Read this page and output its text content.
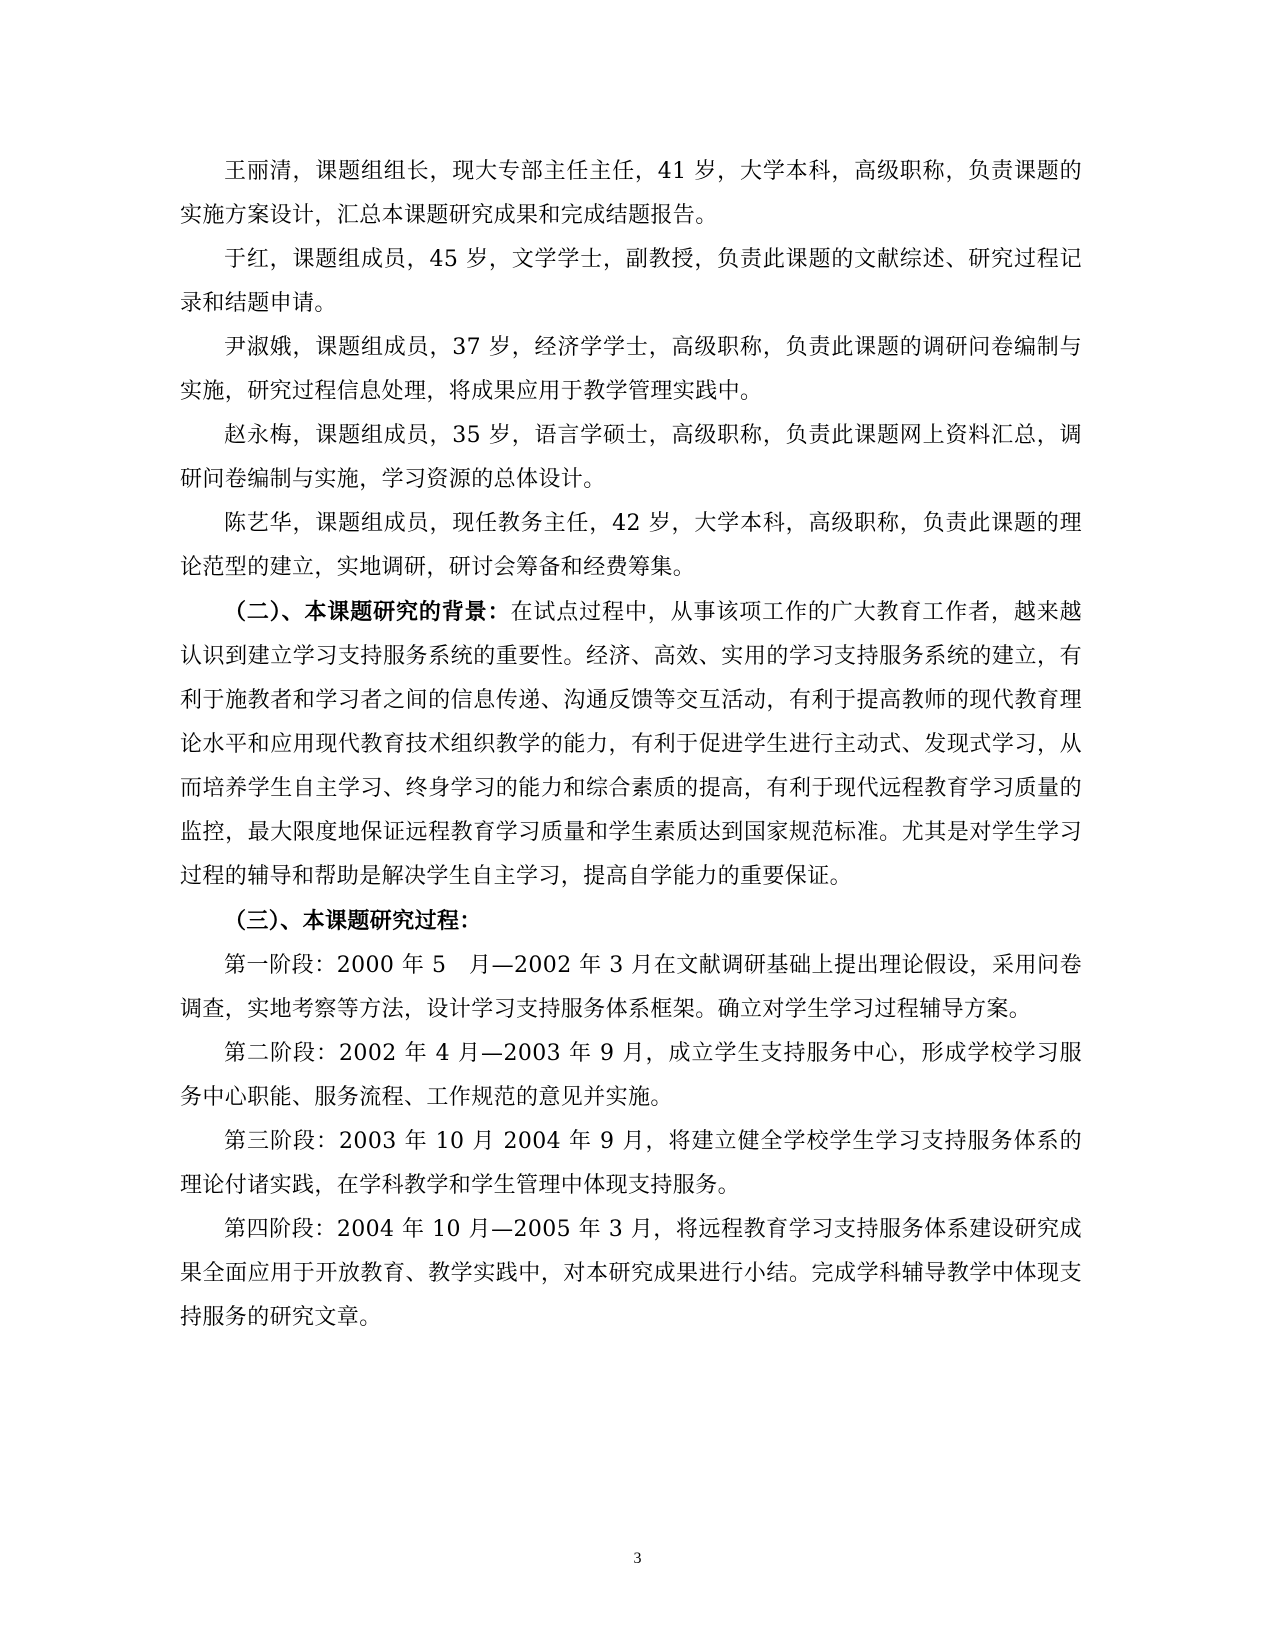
王丽清，课题组组长，现大专部主任主任，41 岁，大学本科，高级职称，负责课题的实施方案设计，汇总本课题研究成果和完成结题报告。

于红，课题组成员，45 岁，文学学士，副教授，负责此课题的文献综述、研究过程记录和结题申请。

尹淑娥，课题组成员，37 岁，经济学学士，高级职称，负责此课题的调研问卷编制与实施，研究过程信息处理，将成果应用于教学管理实践中。

赵永梅，课题组成员，35 岁，语言学硕士，高级职称，负责此课题网上资料汇总，调研问卷编制与实施，学习资源的总体设计。

陈艺华，课题组成员，现任教务主任，42 岁，大学本科，高级职称，负责此课题的理论范型的建立，实地调研，研讨会筹备和经费筹集。

（二）、本课题研究的背景：在试点过程中，从事该项工作的广大教育工作者，越来越认识到建立学习支持服务系统的重要性。经济、高效、实用的学习支持服务系统的建立，有利于施教者和学习者之间的信息传递、沟通反馈等交互活动，有利于提高教师的现代教育理论水平和应用现代教育技术组织教学的能力，有利于促进学生进行主动式、发现式学习，从而培养学生自主学习、终身学习的能力和综合素质的提高，有利于现代远程教育学习质量的监控，最大限度地保证远程教育学习质量和学生素质达到国家规范标准。尤其是对学生学习过程的辅导和帮助是解决学生自主学习，提高自学能力的重要保证。

（三）、本课题研究过程：

第一阶段：2000 年 5　月—2002 年 3 月在文献调研基础上提出理论假设，采用问卷调查，实地考察等方法，设计学习支持服务体系框架。确立对学生学习过程辅导方案。

第二阶段：2002 年 4 月—2003 年 9 月，成立学生支持服务中心，形成学校学习服务中心职能、服务流程、工作规范的意见并实施。

第三阶段：2003 年 10 月 2004 年 9 月，将建立健全学校学生学习支持服务体系的理论付诸实践，在学科教学和学生管理中体现支持服务。

第四阶段：2004 年 10 月—2005 年 3 月，将远程教育学习支持服务体系建设研究成果全面应用于开放教育、教学实践中，对本研究成果进行小结。完成学科辅导教学中体现支持服务的研究文章。

3
